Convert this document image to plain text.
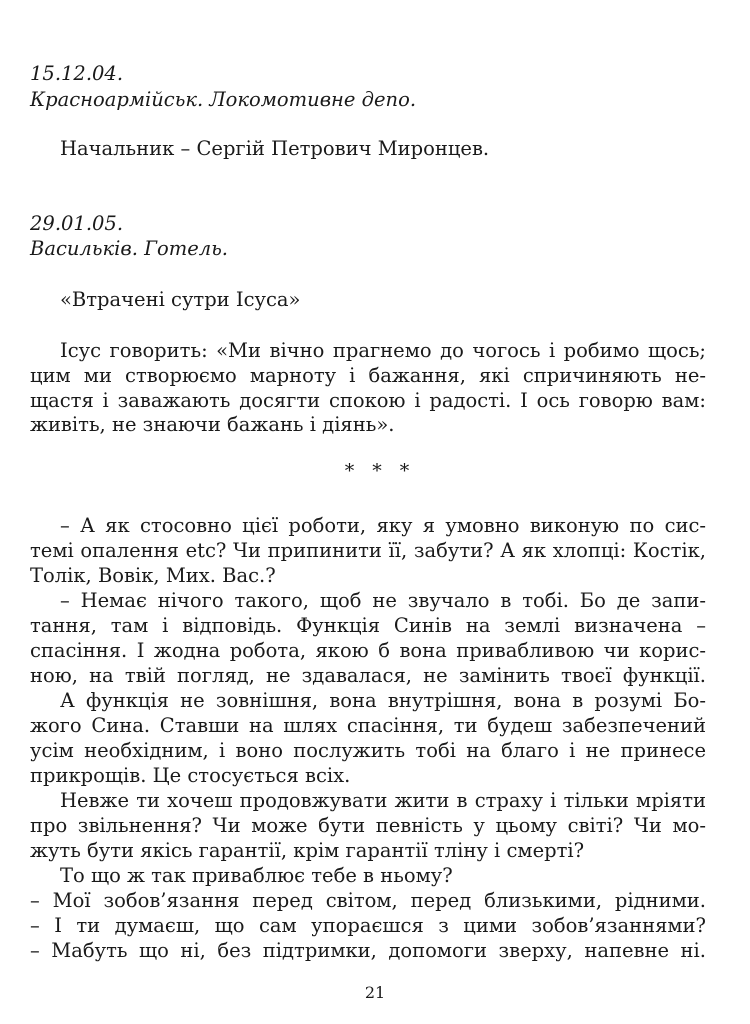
15.12.04.
Красноармійськ. Локомотивне депо.
Начальник – Сергій Петрович Миронцев.
29.01.05.
Васильків. Готель.
«Втрачені сутри Ісуса»
Ісус говорить: «Ми вічно прагнемо до чогось і робимо щось;
цим ми створюємо марноту і бажання, які спричиняють не-
щастя і заважають досягти спокою і радості. І ось говорю вам:
живіть, не знаючи бажань і діянь».
* * *
– А як стосовно цієї роботи, яку я умовно виконую по сис-
темі опалення etc? Чи припинити її, забути? А як хлопці: Костік,
Толік, Вовік, Мих. Вас.?
– Немає нічого такого, щоб не звучало в тобі. Бо де запи-
тання, там і відповідь. Функція Синів на землі визначена –
спасіння. І жодна робота, якою б вона привабливою чи корис-
ною, на твій погляд, не здавалася, не замінить твоєї функції.
А функція не зовнішня, вона внутрішня, вона в розумі Бо-
жого Сина. Ставши на шлях спасіння, ти будеш забезпечений
усім необхідним, і воно послужить тобі на благо і не принесе
прикрощів. Це стосується всіх.
Невже ти хочеш продовжувати жити в страху і тільки мріяти
про звільнення? Чи може бути певність у цьому світі? Чи мо-
жуть бути якісь гарантії, крім гарантії тліну і смерті?
То що ж так приваблює тебе в ньому?
– Мої зобов’язання перед світом, перед близькими, рідними.
– І ти думаєш, що сам упораєшся з цими зобов’язаннями?
– Мабуть що ні, без підтримки, допомоги зверху, напевне ні.
21
